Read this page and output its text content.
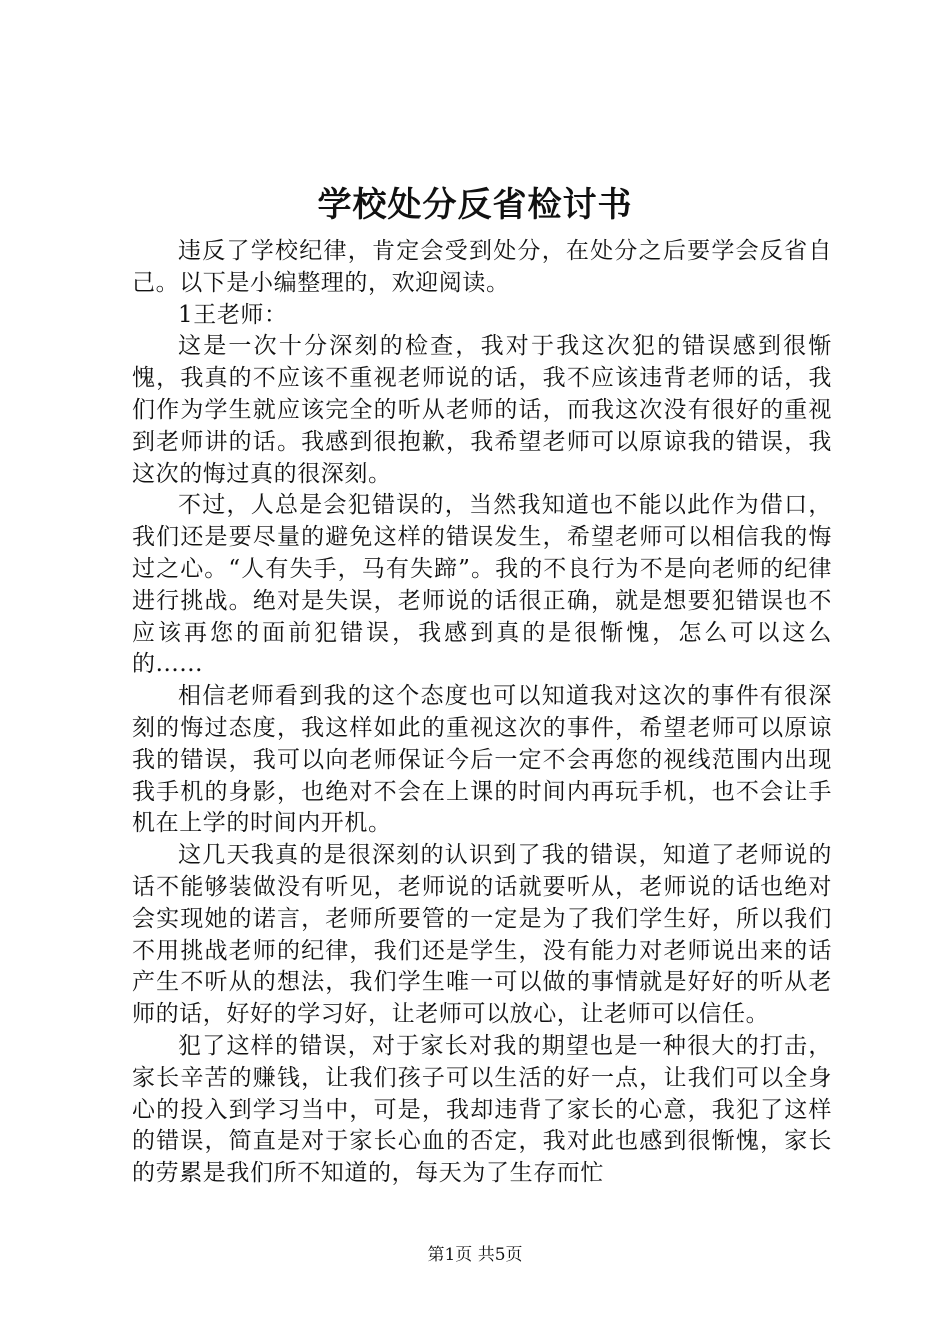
学校处分反省检讨书

违反了学校纪律，肯定会受到处分，在处分之后要学会反省自己。以下是小编整理的，欢迎阅读。

1王老师：

这是一次十分深刻的检查，我对于我这次犯的错误感到很惭愧，我真的不应该不重视老师说的话，我不应该违背老师的话，我们作为学生就应该完全的听从老师的话，而我这次没有很好的重视到老师讲的话。我感到很抱歉，我希望老师可以原谅我的错误，我这次的悔过真的很深刻。

不过，人总是会犯错误的，当然我知道也不能以此作为借口，我们还是要尽量的避免这样的错误发生，希望老师可以相信我的悔过之心。“人有失手，马有失蹄”。我的不良行为不是向老师的纪律进行挑战。绝对是失误，老师说的话很正确，就是想要犯错误也不应该再您的面前犯错误，我感到真的是很惭愧，怎么可以这么的......

相信老师看到我的这个态度也可以知道我对这次的事件有很深刻的悔过态度，我这样如此的重视这次的事件，希望老师可以原谅我的错误，我可以向老师保证今后一定不会再您的视线范围内出现我手机的身影，也绝对不会在上课的时间内再玩手机，也不会让手机在上学的时间内开机。

这几天我真的是很深刻的认识到了我的错误，知道了老师说的话不能够装做没有听见，老师说的话就要听从，老师说的话也绝对会实现她的诺言，老师所要管的一定是为了我们学生好，所以我们不用挑战老师的纪律，我们还是学生，没有能力对老师说出来的话产生不听从的想法，我们学生唯一可以做的事情就是好好的听从老师的话，好好的学习好，让老师可以放心，让老师可以信任。

犯了这样的错误，对于家长对我的期望也是一种很大的打击，家长辛苦的赚钱，让我们孩子可以生活的好一点，让我们可以全身心的投入到学习当中，可是，我却违背了家长的心意，我犯了这样的错误，简直是对于家长心血的否定，我对此也感到很惭愧，家长的劳累是我们所不知道的，每天为了生存而忙

第1页 共5页
